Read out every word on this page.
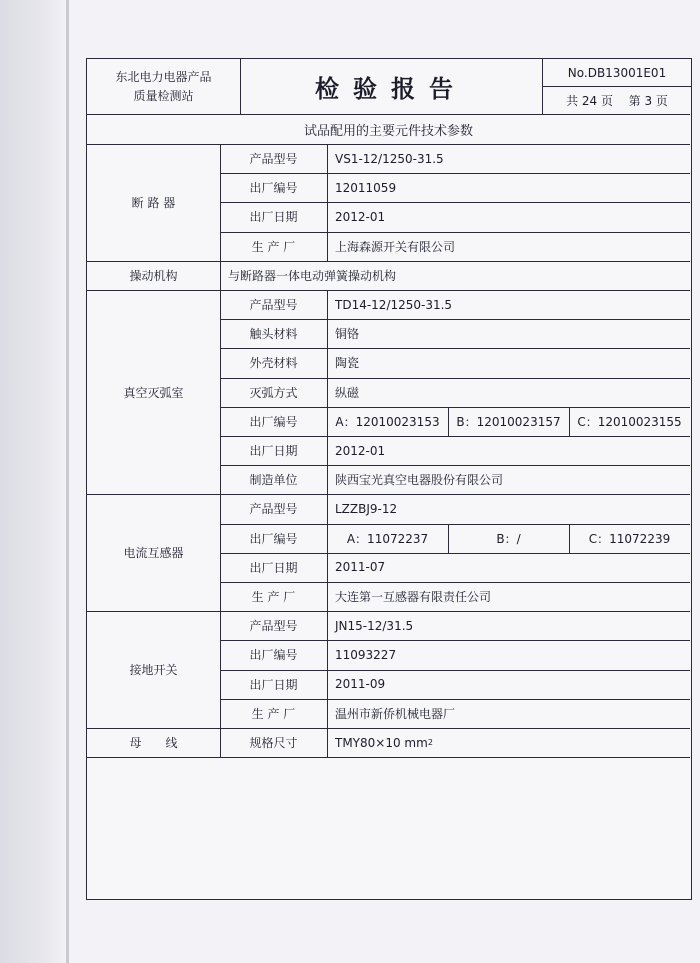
东北电力电器产品
质量检测站	检验报告
No.DB13001E01
共 24 页
第 3 页
试品配用的主要元件技术参数
断 路 器
产品型号	VS1-12/1250-31.5
出厂编号	12011059
出厂日期	2012-01
生 产 厂	上海森源开关有限公司
操动机构	与断路器一体电动弹簧操动机构
真空灭弧室
产品型号	TD14-12/1250-31.5
触头材料	铜铬
外壳材料	陶瓷
灭弧方式	纵磁
出厂编号	A：12010023153	B：12010023157	C：12010023155
出厂日期	2012-01
制造单位	陕西宝光真空电器股份有限公司
电流互感器
产品型号	LZZBJ9-12
出厂编号	A：11072237	B：/	C：11072239
出厂日期	2011-07
生 产 厂	大连第一互感器有限责任公司
接地开关
产品型号	JN15-12/31.5
出厂编号	11093227
出厂日期	2011-09
生 产 厂	温州市新侨机械电器厂
母　　线	规格尺寸	TMY80×10 mm 2
